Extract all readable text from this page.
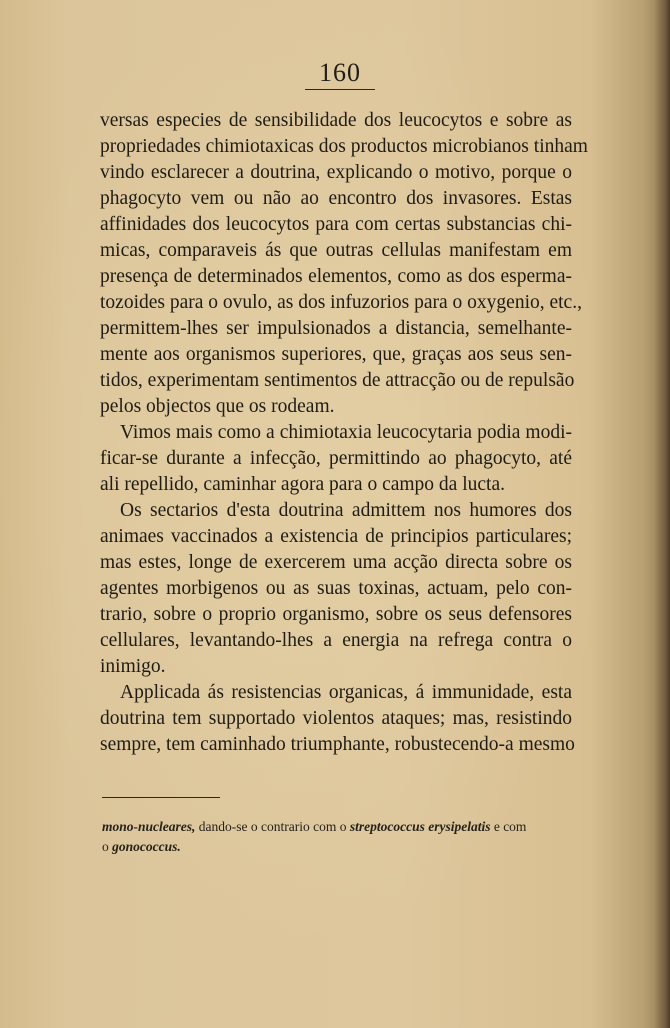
160
versas especies de sensibilidade dos leucocytos e sobre as
propriedades chimiotaxicas dos productos microbianos tinham
vindo esclarecer a doutrina, explicando o motivo, porque o
phagocyto vem ou não ao encontro dos invasores. Estas
affinidades dos leucocytos para com certas substancias chi-
micas, comparaveis ás que outras cellulas manifestam em
presença de determinados elementos, como as dos esperma-
tozoides para o ovulo, as dos infuzorios para o oxygenio, etc.,
permittem-lhes ser impulsionados a distancia, semelhante-
mente aos organismos superiores, que, graças aos seus sen-
tidos, experimentam sentimentos de attracção ou de repulsão
pelos objectos que os rodeam.
Vimos mais como a chimiotaxia leucocytaria podia modi-
ficar-se durante a infecção, permittindo ao phagocyto, até
ali repellido, caminhar agora para o campo da lucta.
Os sectarios d'esta doutrina admittem nos humores dos
animaes vaccinados a existencia de principios particulares;
mas estes, longe de exercerem uma acção directa sobre os
agentes morbigenos ou as suas toxinas, actuam, pelo con-
trario, sobre o proprio organismo, sobre os seus defensores
cellulares, levantando-lhes a energia na refrega contra o
inimigo.
Applicada ás resistencias organicas, á immunidade, esta
doutrina tem supportado violentos ataques; mas, resistindo
sempre, tem caminhado triumphante, robustecendo-a mesmo
mono-nucleares, dando-se o contrario com o streptococcus erysipelatis e com
o gonococcus.
